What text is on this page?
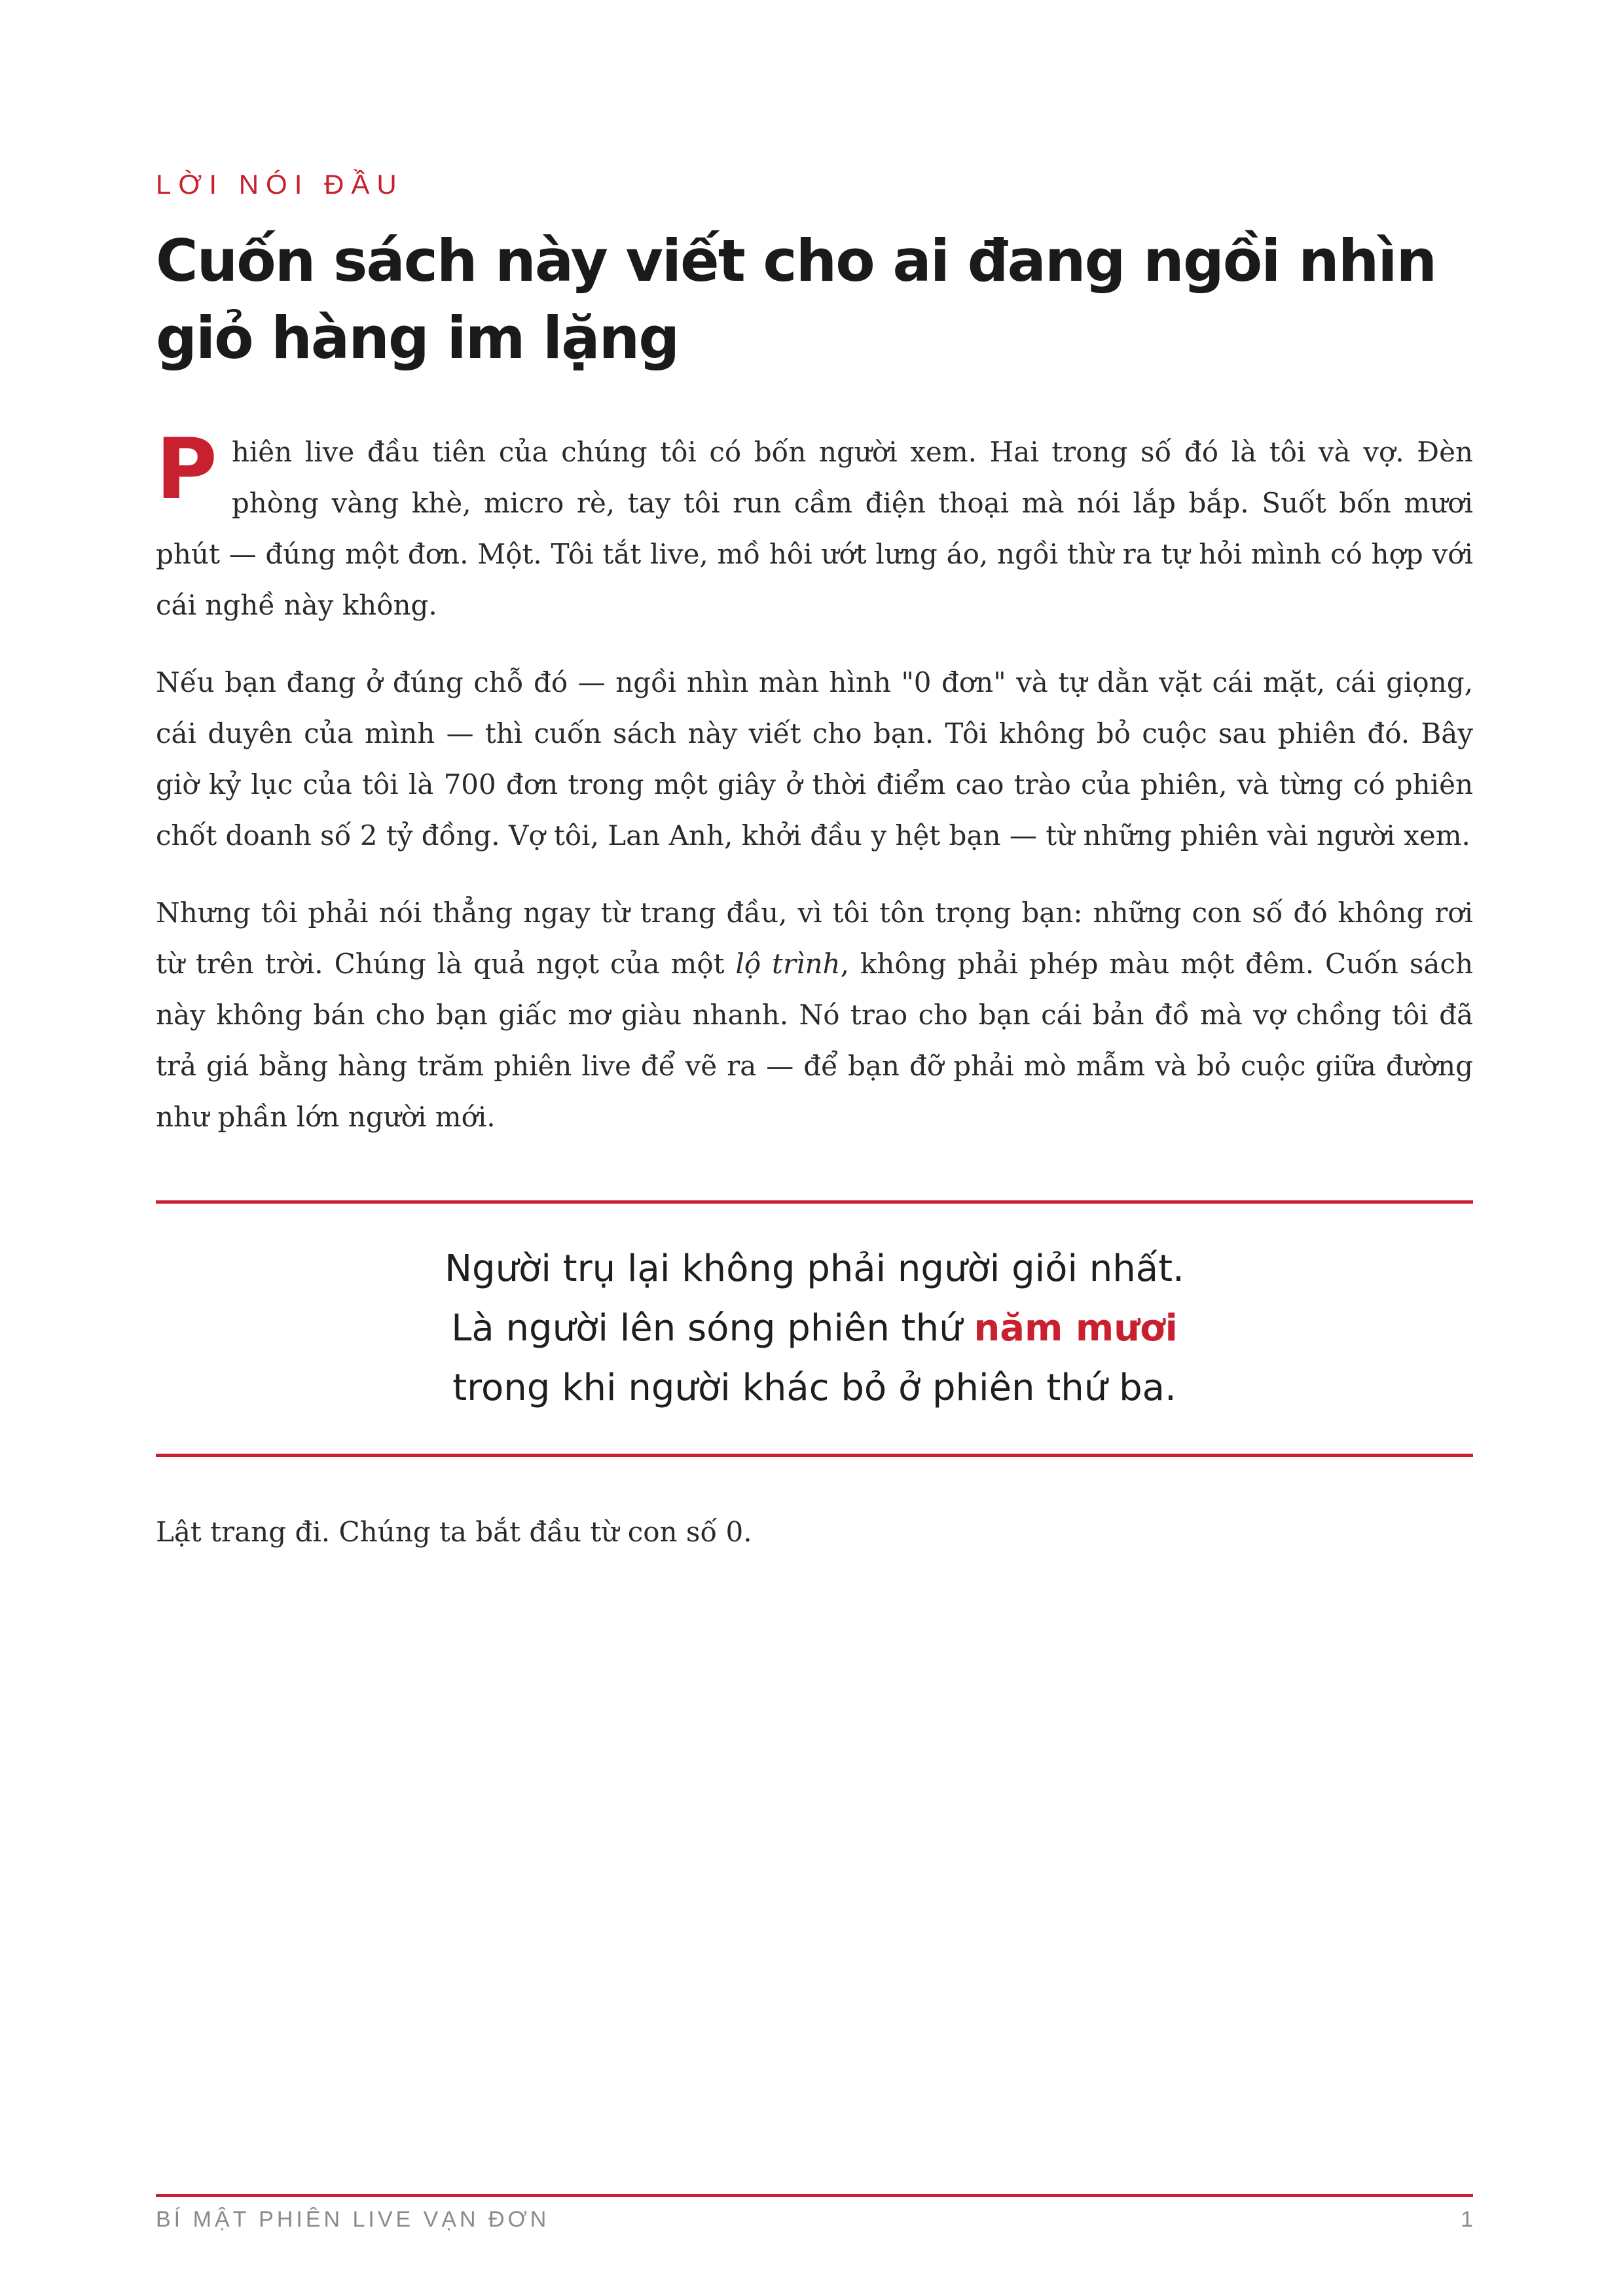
LỜI NÓI ĐẦU
Cuốn sách này viết cho ai đang ngồi nhìn giỏ hàng im lặng

Phiên live đầu tiên của chúng tôi có bốn người xem. Hai trong số đó là tôi và vợ. Đèn phòng vàng khè, micro rè, tay tôi run cầm điện thoại mà nói lắp bắp. Suốt bốn mươi phút — đúng một đơn. Một. Tôi tắt live, mồ hôi ướt lưng áo, ngồi thừ ra tự hỏi mình có hợp với cái nghề này không.

Nếu bạn đang ở đúng chỗ đó — ngồi nhìn màn hình "0 đơn" và tự dằn vặt cái mặt, cái giọng, cái duyên của mình — thì cuốn sách này viết cho bạn. Tôi không bỏ cuộc sau phiên đó. Bây giờ kỷ lục của tôi là 700 đơn trong một giây ở thời điểm cao trào của phiên, và từng có phiên chốt doanh số 2 tỷ đồng. Vợ tôi, Lan Anh, khởi đầu y hệt bạn — từ những phiên vài người xem.

Nhưng tôi phải nói thẳng ngay từ trang đầu, vì tôi tôn trọng bạn: những con số đó không rơi từ trên trời. Chúng là quả ngọt của một lộ trình, không phải phép màu một đêm. Cuốn sách này không bán cho bạn giấc mơ giàu nhanh. Nó trao cho bạn cái bản đồ mà vợ chồng tôi đã trả giá bằng hàng trăm phiên live để vẽ ra — để bạn đỡ phải mò mẫm và bỏ cuộc giữa đường như phần lớn người mới.

Người trụ lại không phải người giỏi nhất.
Là người lên sóng phiên thứ năm mươi
trong khi người khác bỏ ở phiên thứ ba.
Lật trang đi. Chúng ta bắt đầu từ con số 0.
BÍ MẬT PHIÊN LIVE VẠN ĐƠN	1
